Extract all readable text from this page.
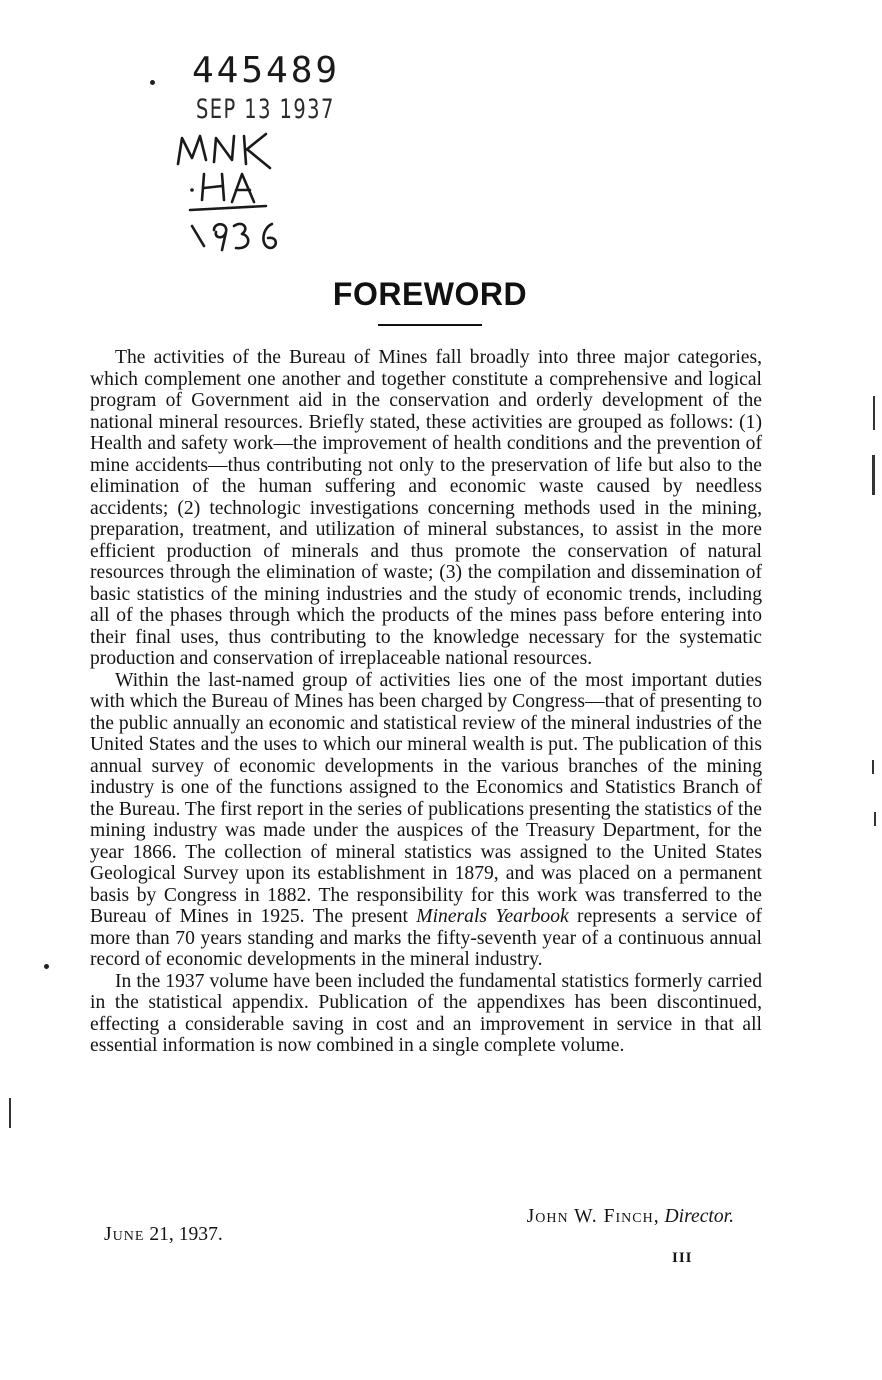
445489
SEP 13 1937
FOREWORD

The activities of the Bureau of Mines fall broadly into three major categories, which complement one another and together constitute a comprehensive and logical program of Government aid in the conservation and orderly development of the national mineral resources. Briefly stated, these activities are grouped as follows: (1) Health and safety work—the improvement of health conditions and the prevention of mine accidents—thus contributing not only to the preservation of life but also to the elimination of the human suffering and economic waste caused by needless accidents; (2) technologic investigations concerning methods used in the mining, preparation, treatment, and utilization of mineral substances, to assist in the more efficient production of minerals and thus promote the conservation of natural resources through the elimination of waste; (3) the compilation and dissemination of basic statistics of the mining industries and the study of economic trends, including all of the phases through which the products of the mines pass before entering into their final uses, thus contributing to the knowledge necessary for the systematic production and conservation of irreplaceable national resources.

Within the last-named group of activities lies one of the most important duties with which the Bureau of Mines has been charged by Congress—that of presenting to the public annually an economic and statistical review of the mineral industries of the United States and the uses to which our mineral wealth is put. The publication of this annual survey of economic developments in the various branches of the mining industry is one of the functions assigned to the Economics and Statistics Branch of the Bureau. The first report in the series of publications presenting the statistics of the mining industry was made under the auspices of the Treasury Department, for the year 1866. The collection of mineral statistics was assigned to the United States Geological Survey upon its establishment in 1879, and was placed on a permanent basis by Congress in 1882. The responsibility for this work was transferred to the Bureau of Mines in 1925. The present Minerals Yearbook represents a service of more than 70 years standing and marks the fifty-seventh year of a continuous annual record of economic developments in the mineral industry.

In the 1937 volume have been included the fundamental statistics formerly carried in the statistical appendix. Publication of the appendixes has been discontinued, effecting a considerable saving in cost and an improvement in service in that all essential information is now combined in a single complete volume.

John W. Finch, Director.
June 21, 1937.
III
